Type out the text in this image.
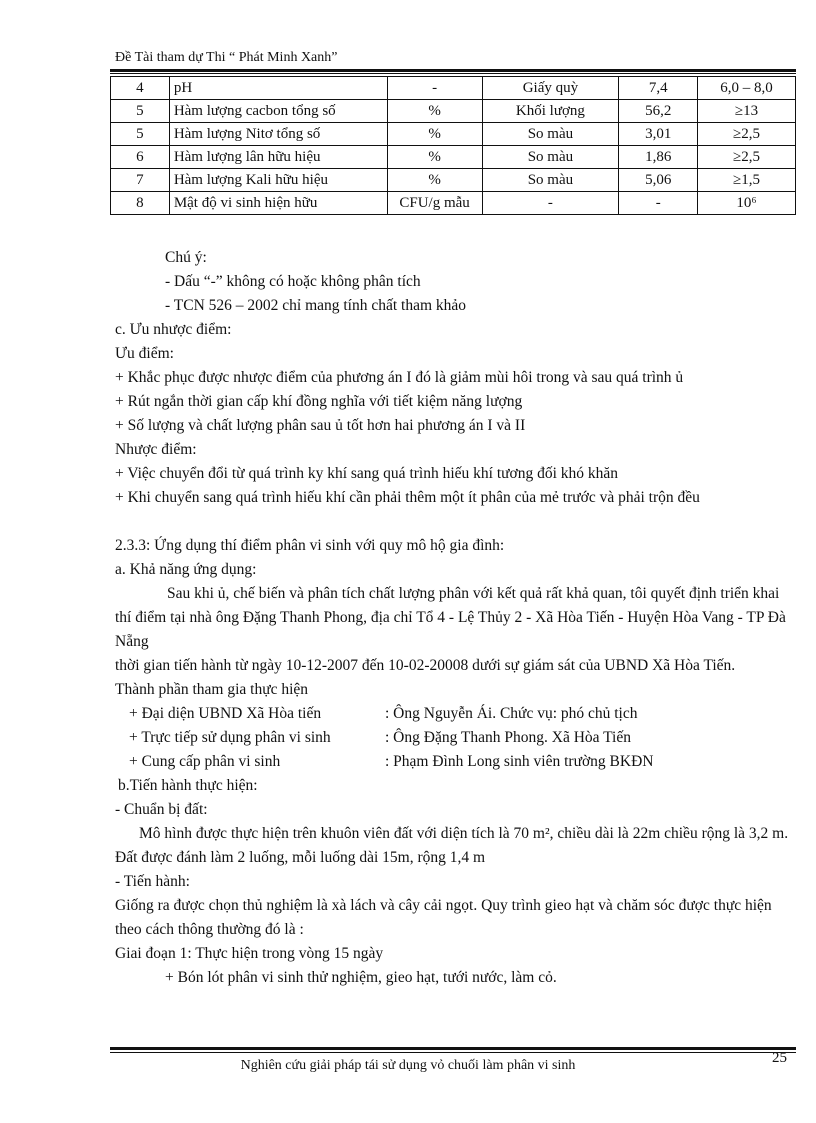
Đề Tài tham dự Thi “ Phát Minh Xanh”
4	pH	-	Giấy quỳ	7,4	6,0 – 8,0
5	Hàm lượng cacbon tổng số	%	Khối lượng	56,2	≥13
5	Hàm lượng Nitơ tổng số	%	So màu	3,01	≥2,5
6	Hàm lượng lân hữu hiệu	%	So màu	1,86	≥2,5
7	Hàm lượng Kali hữu hiệu	%	So màu	5,06	≥1,5
8	Mật độ vi sinh hiện hữu	CFU/g mẫu	-	-	10⁶

Chú ý:

- Dấu “-” không có hoặc không phân tích

- TCN 526 – 2002 chỉ mang tính chất tham khảo

c. Ưu nhược điểm:

Ưu điểm:

+ Khắc phục được nhược điểm của phương án I đó là giảm mùi hôi trong và sau quá trình ủ

+ Rút ngắn thời gian cấp khí đồng nghĩa với tiết kiệm năng lượng

+ Số lượng và chất lượng phân sau ủ tốt hơn hai phương án I và II

Nhược điểm:

+ Việc chuyển đổi từ quá trình ky khí sang quá trình hiếu khí tương đối khó khăn

+ Khi chuyển sang quá trình hiếu khí cần phải thêm một ít phân của mẻ trước và phải trộn đều

2.3.3: Ứng dụng thí điểm phân vi sinh với quy mô hộ gia đình:

a. Khả năng ứng dụng:

Sau khi ủ, chế biến và phân tích chất lượng phân với kết quả rất khả quan, tôi quyết định triển khai thí điểm tại nhà ông Đặng Thanh Phong, địa chỉ Tổ 4 - Lệ Thủy 2 - Xã Hòa Tiến - Huyện Hòa Vang - TP Đà Nẵng

thời gian tiến hành từ ngày 10-12-2007 đến 10-02-20008 dưới sự giám sát của UBND Xã Hòa Tiến.

Thành phần tham gia thực hiện

+ Đại diện UBND Xã Hòa tiến	: Ông Nguyễn Ái. Chức vụ: phó chủ tịch

+ Trực tiếp sử dụng phân vi sinh	: Ông Đặng Thanh Phong. Xã Hòa Tiến

+ Cung cấp phân vi sinh	: Phạm Đình Long sinh viên trường BKĐN

b.Tiến hành thực hiện:

- Chuẩn bị đất:

Mô hình được thực hiện trên khuôn viên đất với diện tích là 70 m², chiều dài là 22m chiều rộng là 3,2 m.

Đất được đánh làm 2 luống, mỗi luống dài 15m, rộng 1,4 m

- Tiến hành:

Giống ra được chọn thủ nghiệm là xà lách và cây cải ngọt. Quy trình gieo hạt và chăm sóc được thực hiện theo cách thông thường đó là :

Giai đoạn 1: Thực hiện trong vòng 15 ngày

+ Bón lót phân vi sinh thử nghiệm, gieo hạt, tưới nước, làm cỏ.

Nghiên cứu giải pháp tái sử dụng vỏ chuối làm phân vi sinh	25
